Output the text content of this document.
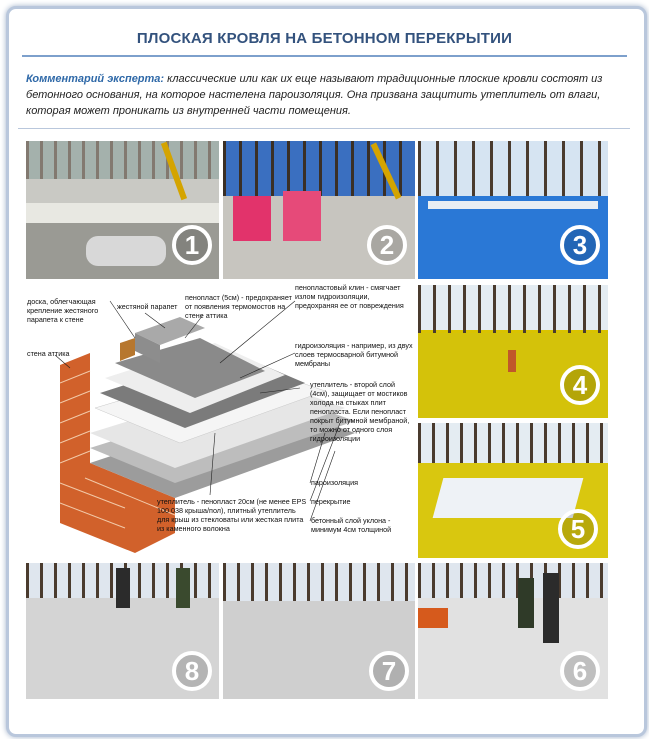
ПЛОСКАЯ КРОВЛЯ НА БЕТОННОМ ПЕРЕКРЫТИИ
Комментарий эксперта: классические или как их еще называют традиционные плоские кровли состоят из бетонного основания, на которое настелена пароизоляция. Она призвана защитить утеплитель от влаги, которая может проникать из внутренней части помещения.
1	2	3
доска, облегчающая крепление жестяного парапета к стене
жестяной парапет
пенопласт (5см) - предохраняет от появления термомостов на стене аттика
пенопластовый клин - смягчает излом гидроизоляции, предохраняя ее от повреждения
стена аттика
гидроизоляция - например, из двух слоев термосварной битумной мембраны
утеплитель - второй слой (4см), защищает от мостиков холода на стыках плит пенопласта. Если пенопласт покрыт битумной мембраной, то можно от одного слоя гидроизоляции
пароизоляция
перекрытие
утеплитель - пенопласт 20см (не менее EPS 100 038 крыша/пол), плитный утеплитель для крыш из стекловаты или жесткая плита из каменного волокна
бетонный слой уклона - минимум 4см толщиной
4
5
8	7	6
